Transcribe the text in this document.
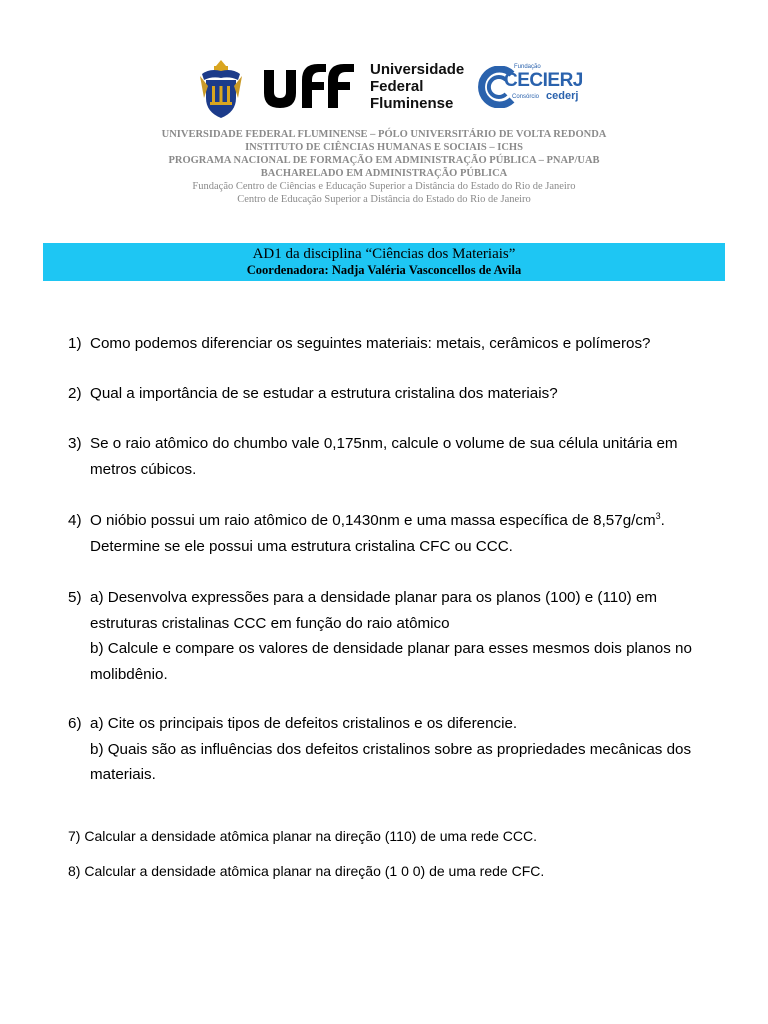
Universidade
Federal
Fluminense
Fundação
CECIERJ
Consórcio cederj
UNIVERSIDADE FEDERAL FLUMINENSE – PÓLO UNIVERSITÁRIO DE VOLTA REDONDA
INSTITUTO DE CIÊNCIAS HUMANAS E SOCIAIS – ICHS
PROGRAMA NACIONAL DE FORMAÇÃO EM ADMINISTRAÇÃO PÚBLICA – PNAP/UAB
BACHARELADO EM ADMINISTRAÇÃO PÚBLICA
Fundação Centro de Ciências e Educação Superior a Distância do Estado do Rio de Janeiro
Centro de Educação Superior a Distância do Estado do Rio de Janeiro
AD1 da disciplina “Ciências dos Materiais”
Coordenadora: Nadja Valéria Vasconcellos de Avila
1) Como podemos diferenciar os seguintes materiais: metais, cerâmicos e polímeros?
2) Qual a importância de se estudar a estrutura cristalina dos materiais?
3) Se o raio atômico do chumbo vale 0,175nm, calcule o volume de sua célula unitária em
metros cúbicos.
4) O nióbio possui um raio atômico de 0,1430nm e uma massa específica de $8,57g/cm^3$.
Determine se ele possui uma estrutura cristalina CFC ou CCC.
5) a) Desenvolva expressões para a densidade planar para os planos (100) e (110) em
estruturas cristalinas CCC em função do raio atômico
b) Calcule e compare os valores de densidade planar para esses mesmos dois planos no
molibdênio.
6) a) Cite os principais tipos de defeitos cristalinos e os diferencie.
b) Quais são as influências dos defeitos cristalinos sobre as propriedades mecânicas dos
materiais.
7) Calcular a densidade atômica planar na direção (110) de uma rede CCC.
8) Calcular a densidade atômica planar na direção (1 0 0) de uma rede CFC.
